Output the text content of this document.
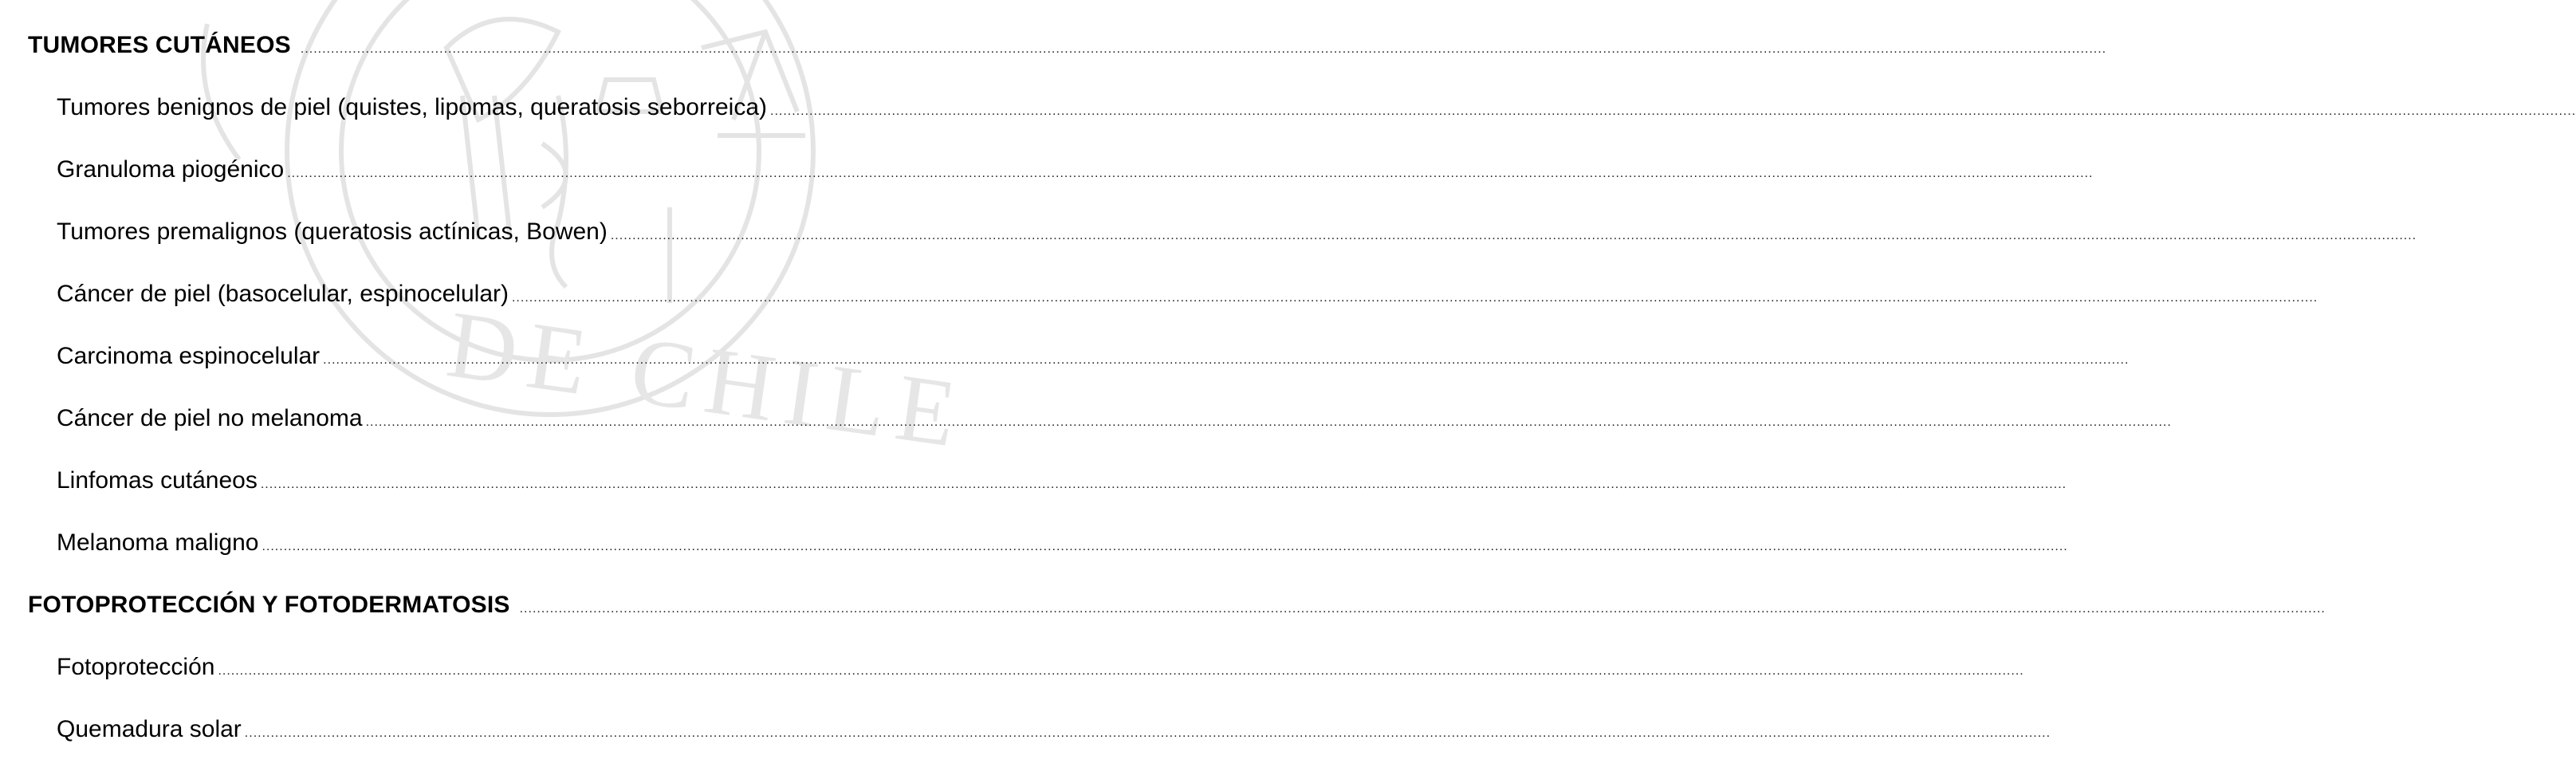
DE CHILE
TUMORES CUTÁNEOS
.....
Tumores benignos de piel (quistes, lipomas, queratosis seborreica)
.....
Granuloma piogénico
.....
Tumores premalignos (queratosis actínicas, Bowen)
.....
Cáncer de piel (basocelular, espinocelular)
.....
Carcinoma espinocelular
.....
Cáncer de piel no melanoma
.....
Linfomas cutáneos
.....
Melanoma maligno
.....
FOTOPROTECCIÓN Y FOTODERMATOSIS
.....
Fotoprotección
.....
Quemadura solar
.....
